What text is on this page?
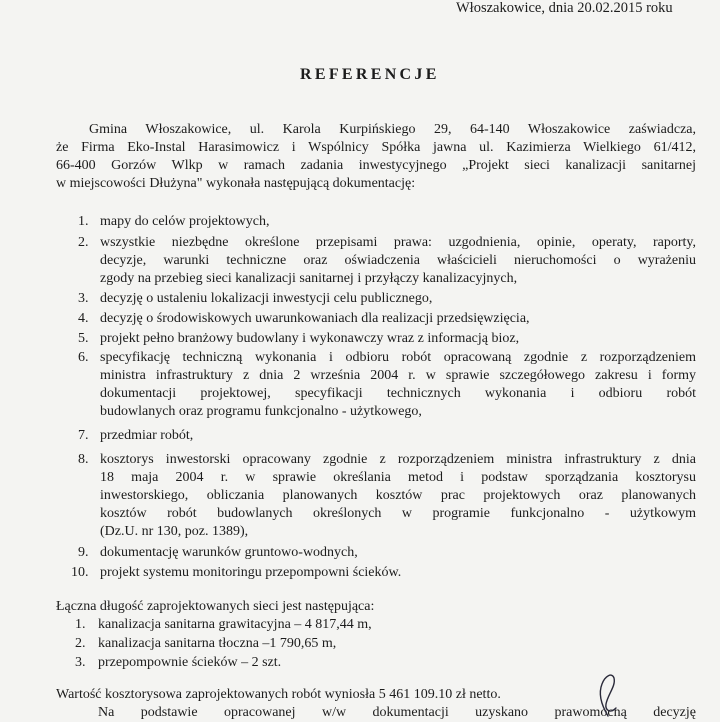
Włoszakowice, dnia 20.02.2015 roku
REFERENCJE
Gmina Włoszakowice, ul. Karola Kurpińskiego 29, 64-140 Włoszakowice zaświadcza,
że Firma Eko-Instal Harasimowicz i Wspólnicy Spółka jawna ul. Kazimierza Wielkiego 61/412,
66-400 Gorzów Wlkp w ramach zadania inwestycyjnego „Projekt sieci kanalizacji sanitarnej
w miejscowości Dłużyna" wykonała następującą dokumentację:
1. mapy do celów projektowych,
2. wszystkie niezbędne określone przepisami prawa: uzgodnienia, opinie, operaty, raporty,
decyzje, warunki techniczne oraz oświadczenia właścicieli nieruchomości o wyrażeniu
zgody na przebieg sieci kanalizacji sanitarnej i przyłączy kanalizacyjnych,
3. decyzję o ustaleniu lokalizacji inwestycji celu publicznego,
4. decyzję o środowiskowych uwarunkowaniach dla realizacji przedsięwzięcia,
5. projekt pełno branżowy budowlany i wykonawczy wraz z informacją bioz,
6. specyfikację techniczną wykonania i odbioru robót opracowaną zgodnie z rozporządzeniem
ministra infrastruktury z dnia 2 września 2004 r. w sprawie szczegółowego zakresu i formy
dokumentacji projektowej, specyfikacji technicznych wykonania i odbioru robót
budowlanych oraz programu funkcjonalno - użytkowego,
7. przedmiar robót,
8. kosztorys inwestorski opracowany zgodnie z rozporządzeniem ministra infrastruktury z dnia
18 maja 2004 r. w sprawie określania metod i podstaw sporządzania kosztorysu
inwestorskiego, obliczania planowanych kosztów prac projektowych oraz planowanych
kosztów robót budowlanych określonych w programie funkcjonalno - użytkowym
(Dz.U. nr 130, poz. 1389),
9. dokumentację warunków gruntowo-wodnych,
10. projekt systemu monitoringu przepompowni ścieków.
Łączna długość zaprojektowanych sieci jest następująca:
1. kanalizacja sanitarna grawitacyjna – 4 817,44 m,
2. kanalizacja sanitarna tłoczna –1 790,65 m,
3. przepompownie ścieków – 2 szt.
Wartość kosztorysowa zaprojektowanych robót wyniosła 5 461 109.10 zł netto.
Na podstawie opracowanej w/w dokumentacji uzyskano prawomocną decyzję
